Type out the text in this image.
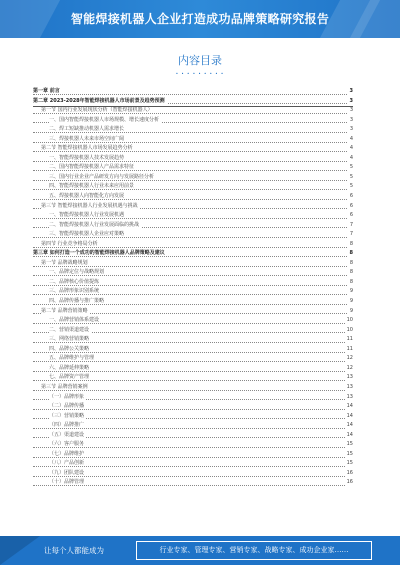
智能焊接机器人企业打造成功品牌策略研究报告
内容目录
• • • • • • • • •
第一章 前言	3
第二章 2023-2028年智能焊接机器人市场前景及趋势预测	3
第一节 国内行业发展现状分析（智能焊接机器人）	3
一、国内智能焊接机器人市场规模、增长速度分析	3
二、焊工短缺推动机器人需求增长	3
三、焊接机器人未来市场空间广阔	4
第二节 智能焊接机器人市场发展趋势分析	4
一、智能焊接机器人技术发展趋势	4
二、国内智能焊接机器人产品需求特征	5
三、国内行业企业产品研发方向与发展路径分析	5
四、智能焊接机器人行业未来应用前景	5
五、焊接机器人向智能化方向发展	6
第三节 智能焊接机器人行业发展机遇与挑战	6
一、智能焊接机器人行业发展机遇	6
二、智能焊接机器人行业发展面临的挑战	7
三、智能焊接机器人企业应对策略	7
第四节 行业竞争格局分析	8
第三章 如何打造一个成功的智能焊接机器人品牌策略及建议	8
第一节 品牌战略规划	8
一、品牌定位与战略规划	8
二、品牌核心价值提炼	8
三、品牌形象识别系统	9
四、品牌传播与推广策略	9
第二节 品牌营销策略	9
一、品牌营销体系建设	10
二、营销渠道建设	10
三、网络营销策略	11
四、品牌公关策略	11
五、品牌维护与管理	12
六、品牌延伸策略	12
七、品牌资产管理	13
第三节 品牌营销案例	13
（一）品牌形象	13
（二）品牌传播	14
（三）营销策略	14
（四）品牌推广	14
（五）渠道建设	14
（六）客户服务	15
（七）品牌维护	15
（八）产品创新	15
（九）团队建设	16
（十）品牌管理	16
让每个人都能成为	行业专家、管理专家、营销专家、战略专家、成功企业家……
